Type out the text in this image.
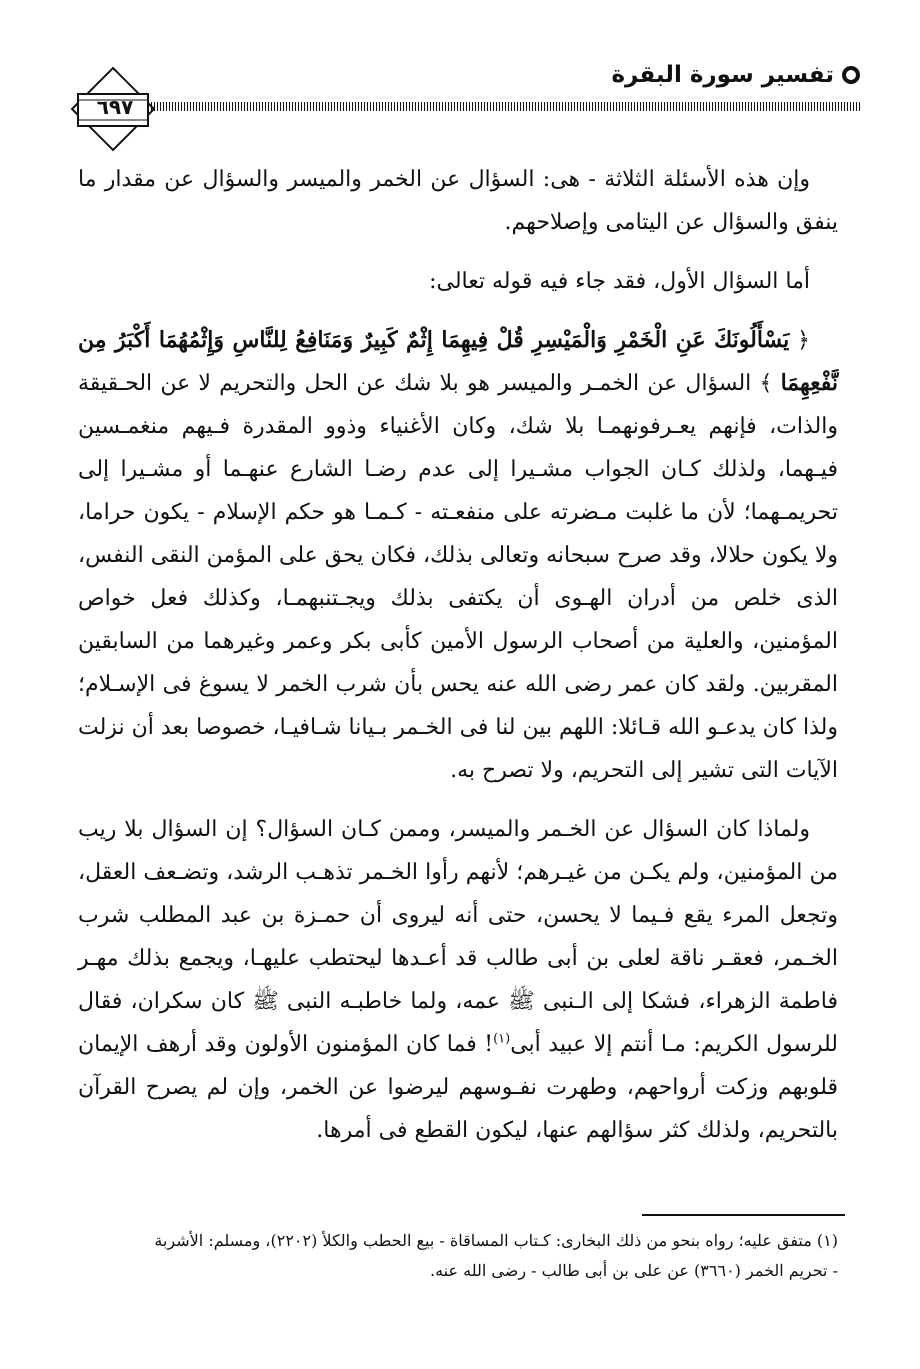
تفسير سورة البقرة
٦٩٧

وإن هذه الأسئلة الثلاثة - هى: السؤال عن الخمر والميسر والسؤال عن مقدار ما ينفق والسؤال عن اليتامى وإصلاحهم.

أما السؤال الأول، فقد جاء فيه قوله تعالى:

﴿ يَسْأَلُونَكَ عَنِ الْخَمْرِ وَالْمَيْسِرِ قُلْ فِيهِمَا إِثْمٌ كَبِيرٌ وَمَنَافِعُ لِلنَّاسِ وَإِثْمُهُمَا أَكْبَرُ مِن نَّفْعِهِمَا ﴾ السؤال عن الخمـر والميسر هو بلا شك عن الحل والتحريم لا عن الحـقيقة والذات، فإنهم يعـرفونهمـا بلا شك، وكان الأغنياء وذوو المقدرة فـيهم منغمـسين فيـهما، ولذلك كـان الجواب مشـيرا إلى عدم رضـا الشارع عنهـما أو مشـيرا إلى تحريمـهما؛ لأن ما غلبت مـضرته على منفعـته - كـمـا هو حكم الإسلام - يكون حراما، ولا يكون حلالا، وقد صرح سبحانه وتعالى بذلك، فكان يحق على المؤمن النقى النفس، الذى خلص من أدران الهـوى أن يكتفى بذلك ويجـتنبهمـا، وكذلك فعل خواص المؤمنين، والعلية من أصحاب الرسول الأمين كأبى بكر وعمر وغيرهما من السابقين المقربين. ولقد كان عمر رضى الله عنه يحس بأن شرب الخمر لا يسوغ فى الإسـلام؛ ولذا كان يدعـو الله قـائلا: اللهم بين لنا فى الخـمر بـيانا شـافيـا، خصوصا بعد أن نزلت الآيات التى تشير إلى التحريم، ولا تصرح به.

ولماذا كان السؤال عن الخـمر والميسر، وممن كـان السؤال؟ إن السؤال بلا ريب من المؤمنين، ولم يكـن من غيـرهم؛ لأنهم رأوا الخـمر تذهـب الرشد، وتضـعف العقل، وتجعل المرء يقع فـيما لا يحسن، حتى أنه ليروى أن حمـزة بن عبد المطلب شرب الخـمر، فعقـر ناقة لعلى بن أبى طالب قد أعـدها ليحتطب عليهـا، ويجمع بذلك مهـر فاطمة الزهراء، فشكا إلى الـنبى ﷺ عمه، ولما خاطبـه النبى ﷺ كان سكران، فقال للرسول الكريم: مـا أنتم إلا عبيد أبى$^{(١)}$! فما كان المؤمنون الأولون وقد أرهف الإيمان قلوبهم وزكت أرواحهم، وطهرت نفـوسهم ليرضوا عن الخمر، وإن لم يصرح القرآن بالتحريم، ولذلك كثر سؤالهم عنها، ليكون القطع فى أمرها.

(١) متفق عليه؛ رواه بنحو من ذلك البخارى: كـتاب المساقاة - بيع الحطب والكلأ (٢٢٠٢)، ومسلم: الأشربة

- تحريم الخمر (٣٦٦٠) عن على بن أبى طالب - رضى الله عنه.
